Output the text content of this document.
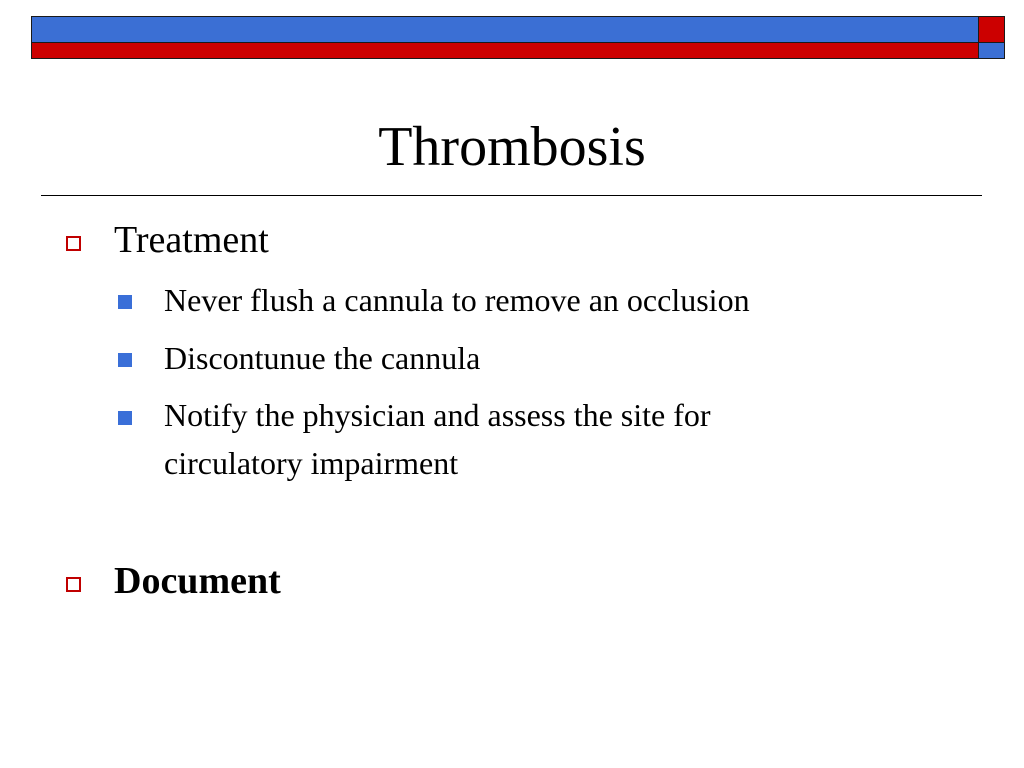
Thrombosis
Treatment
Never flush a cannula to remove an occlusion
Discontunue the cannula
Notify the physician and assess the site for
circulatory impairment
Document
